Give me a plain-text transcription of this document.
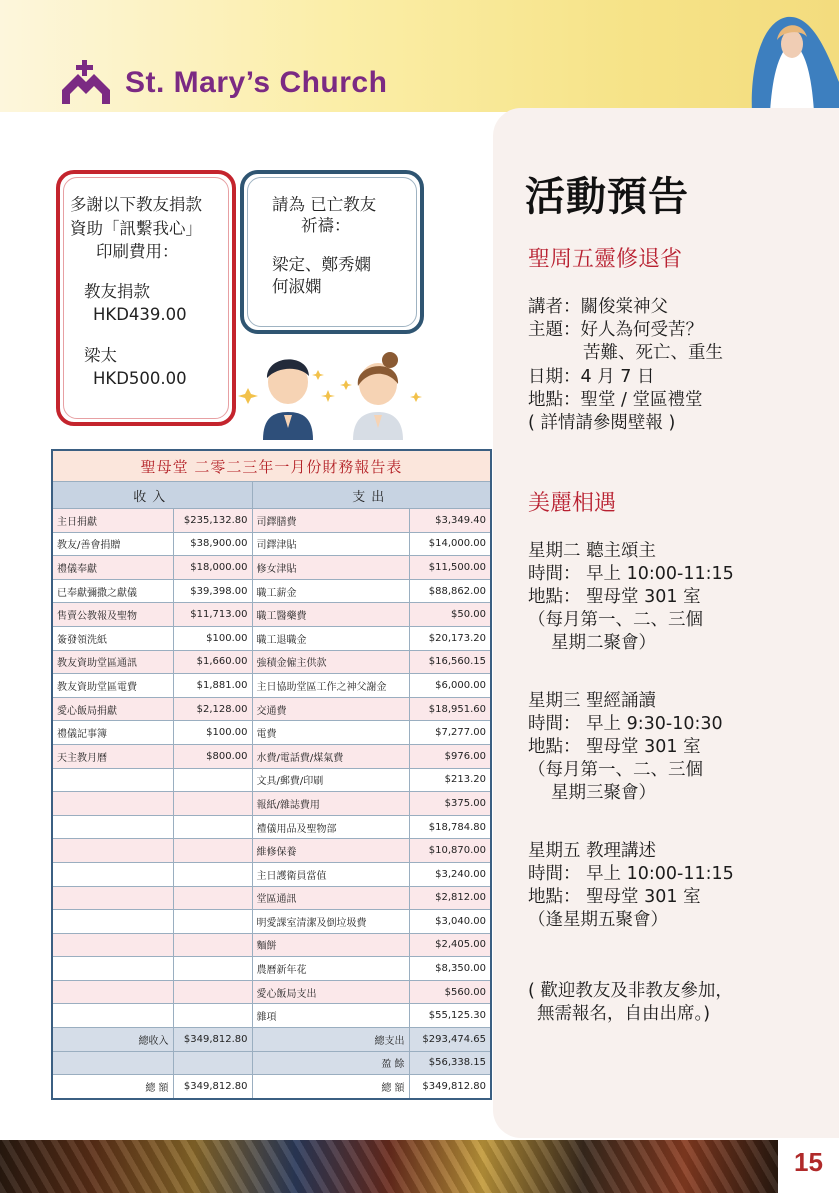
St. Mary’s Church
多謝以下教友捐款
資助「訊繫我心」
印刷費用：
教友捐款
HKD439.00
梁太
HKD500.00
請為 已亡教友
祈禱：
梁定、鄭秀嫻
何淑嫻
聖母堂 二零二三年一月份財務報告表			
收入		支出	
主日捐獻	$235,132.80	司鐸膳費	$3,349.40
教友/善會捐贈	$38,900.00	司鐸津貼	$14,000.00
禮儀奉獻	$18,000.00	修女津貼	$11,500.00
已奉獻彌撒之獻儀	$39,398.00	職工薪金	$88,862.00
售賣公教報及聖物	$11,713.00	職工醫藥費	$50.00
簽發領洗紙	$100.00	職工退職金	$20,173.20
教友資助堂區通訊	$1,660.00	強積金僱主供款	$16,560.15
教友資助堂區電費	$1,881.00	主日協助堂區工作之神父謝金	$6,000.00
愛心飯局捐獻	$2,128.00	交通費	$18,951.60
禮儀記事簿	$100.00	電費	$7,277.00
天主教月曆	$800.00	水費/電話費/煤氣費	$976.00
		文具/郵費/印刷	$213.20
		報紙/雜誌費用	$375.00
		禮儀用品及聖物部	$18,784.80
		維修保養	$10,870.00
		主日護衛員當值	$3,240.00
		堂區通訊	$2,812.00
		明愛課室清潔及倒垃圾費	$3,040.00
		麵餅	$2,405.00
		農曆新年花	$8,350.00
		愛心飯局支出	$560.00
		雜項	$55,125.30
總收入	$349,812.80	總支出	$293,474.65
		盈 餘	$56,338.15
總 額	$349,812.80	總 額	$349,812.80
活動預告
聖周五靈修退省
講者：關俊棠神父
主題：好人為何受苦？
苦難、死亡、重生
日期：4 月 7 日
地點：聖堂 / 堂區禮堂
( 詳情請參閱壁報 )
美麗相遇
星期二 聽主頌主
時間： 早上 10:00-11:15
地點： 聖母堂 301 室
（每月第一、二、三個
星期二聚會）
星期三 聖經誦讀
時間： 早上 9:30-10:30
地點： 聖母堂 301 室
（每月第一、二、三個
星期三聚會）
星期五 教理講述
時間： 早上 10:00-11:15
地點： 聖母堂 301 室
（逢星期五聚會）
( 歡迎教友及非教友參加，
無需報名，自由出席。)
15
